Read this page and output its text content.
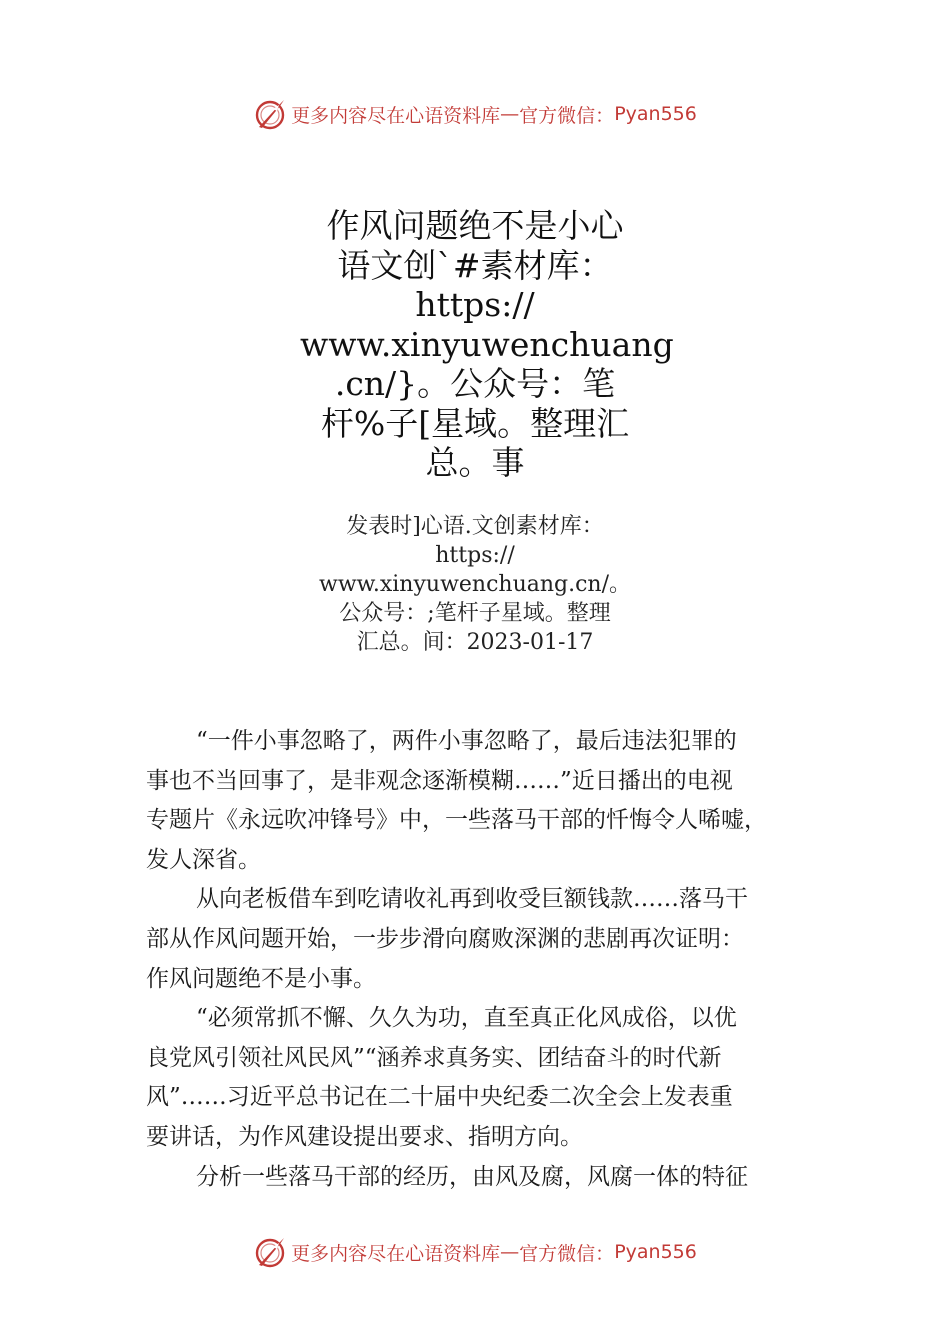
更多内容尽在心语资料库 — 官方微信： Pyan556
作风问题绝不是小心
语文创`#素材库：
https://
www.xinyuwenchuang
.cn/}。公众号：笔
杆%子[星域。整理汇
总。事
发表时]心语.文创素材库：
https://
www.xinyuwenchuang.cn/。
公众号：;笔杆子星域。整理
汇总。间：2023-01-17
“一件小事忽略了，两件小事忽略了，最后违法犯罪的
事也不当回事了，是非观念逐渐模糊……”近日播出的电视
专题片《永远吹冲锋号》中，一些落马干部的忏悔令人唏嘘，
发人深省。
从向老板借车到吃请收礼再到收受巨额钱款……落马干
部从作风问题开始，一步步滑向腐败深渊的悲剧再次证明：
作风问题绝不是小事。
“必须常抓不懈、久久为功，直至真正化风成俗，以优
良党风引领社风民风”“涵养求真务实、团结奋斗的时代新
风”……习近平总书记在二十届中央纪委二次全会上发表重
要讲话，为作风建设提出要求、指明方向。
分析一些落马干部的经历，由风及腐，风腐一体的特征
更多内容尽在心语资料库 — 官方微信： Pyan556
